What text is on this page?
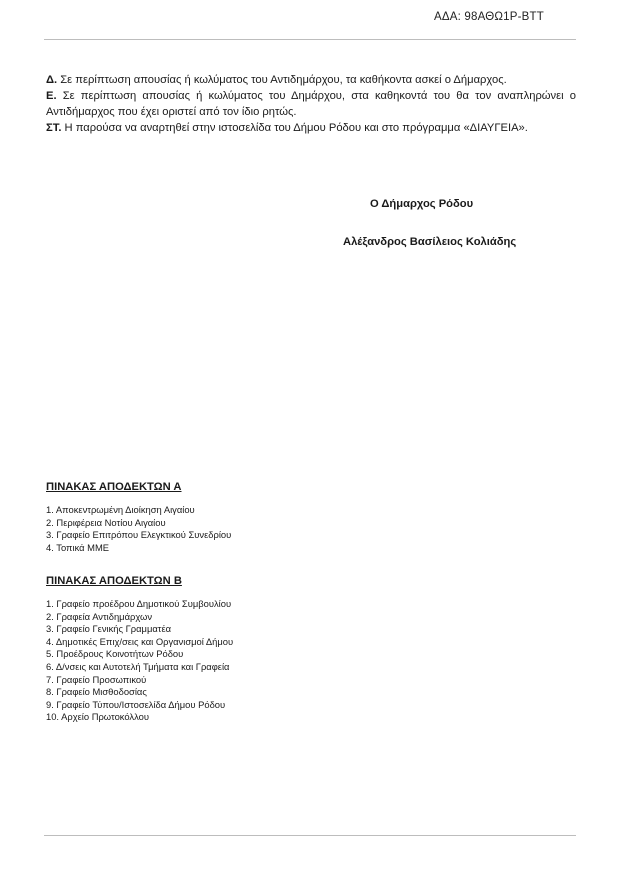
ΑΔΑ: 98ΑΘΩ1Ρ-ΒΤΤ

Δ. Σε περίπτωση απουσίας ή κωλύματος του Αντιδημάρχου, τα καθήκοντα ασκεί ο Δήμαρχος.

Ε. Σε περίπτωση απουσίας ή κωλύματος του Δημάρχου, στα καθηκοντά του θα τον αναπληρώνει ο Αντιδήμαρχος που έχει οριστεί από τον ίδιο ρητώς.

ΣΤ. Η παρούσα να αναρτηθεί στην ιστοσελίδα του Δήμου Ρόδου και στο πρόγραμμα «ΔΙΑΥΓΕΙΑ».

Ο Δήμαρχος Ρόδου
Αλέξανδρος Βασίλειος Κολιάδης
ΠΙΝΑΚΑΣ ΑΠΟΔΕΚΤΩΝ Α
1. Αποκεντρωμένη Διοίκηση Αιγαίου
2. Περιφέρεια Νοτίου Αιγαίου
3. Γραφείο Επιτρόπου Ελεγκτικού Συνεδρίου
4. Τοπικά ΜΜΕ
ΠΙΝΑΚΑΣ ΑΠΟΔΕΚΤΩΝ Β
1. Γραφείο προέδρου Δημοτικού Συμβουλίου
2. Γραφεία Αντιδημάρχων
3. Γραφείο Γενικής Γραμματέα
4. Δημοτικές Επιχ/σεις και Οργανισμοί Δήμου
5. Προέδρους Κοινοτήτων Ρόδου
6. Δ/νσεις και Αυτοτελή Τμήματα και Γραφεία
7. Γραφείο Προσωπικού
8. Γραφείο Μισθοδοσίας
9. Γραφείο Τύπου/Ιστοσελίδα Δήμου Ρόδου
10. Αρχείο Πρωτοκόλλου
